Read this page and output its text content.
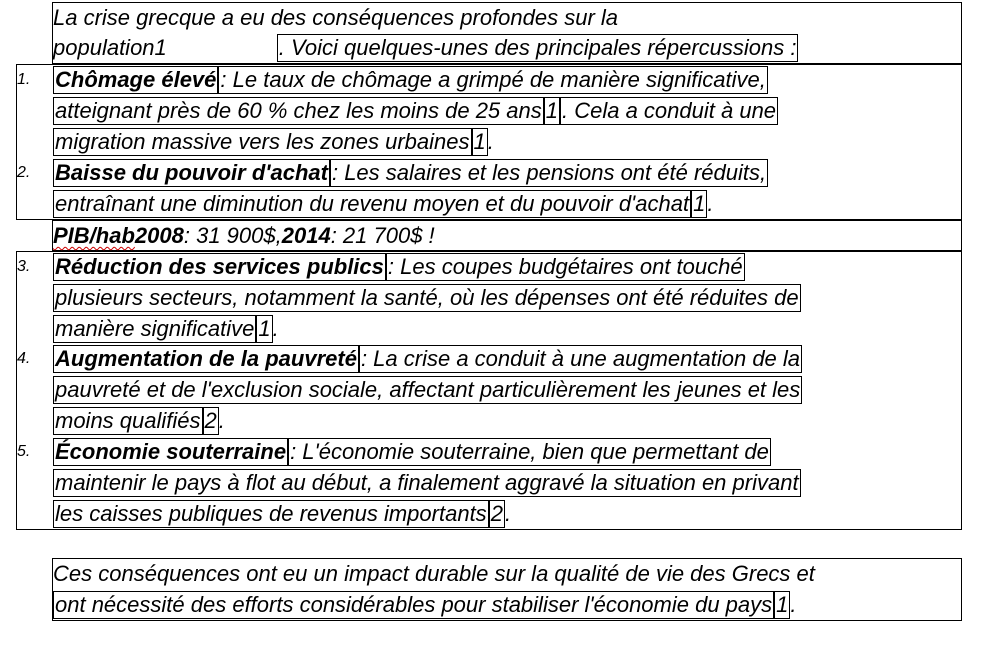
La crise grecque a eu des conséquences profondes sur la
population1	. Voici quelques-unes des principales répercussions :
1. Chômage élevé: Le taux de chômage a grimpé de manière significative,
atteignant près de 60 % chez les moins de 25 ans 1 . Cela a conduit à une
migration massive vers les zones urbaines 1.
2. Baisse du pouvoir d'achat: Les salaires et les pensions ont été réduits,
entraînant une diminution du revenu moyen et du pouvoir d'achat 1.
PIB/hab2008: 31 900$,2014: 21 700$ !
3. Réduction des services publics: Les coupes budgétaires ont touché
plusieurs secteurs, notamment la santé, où les dépenses ont été réduites de
manière significative 1.
4. Augmentation de la pauvreté: La crise a conduit à une augmentation de la
pauvreté et de l'exclusion sociale, affectant particulièrement les jeunes et les
moins qualifiés 2.
5. Économie souterraine: L'économie souterraine, bien que permettant de
maintenir le pays à flot au début, a finalement aggravé la situation en privant
les caisses publiques de revenus importants 2.
Ces conséquences ont eu un impact durable sur la qualité de vie des Grecs et
ont nécessité des efforts considérables pour stabiliser l'économie du pays 1.
